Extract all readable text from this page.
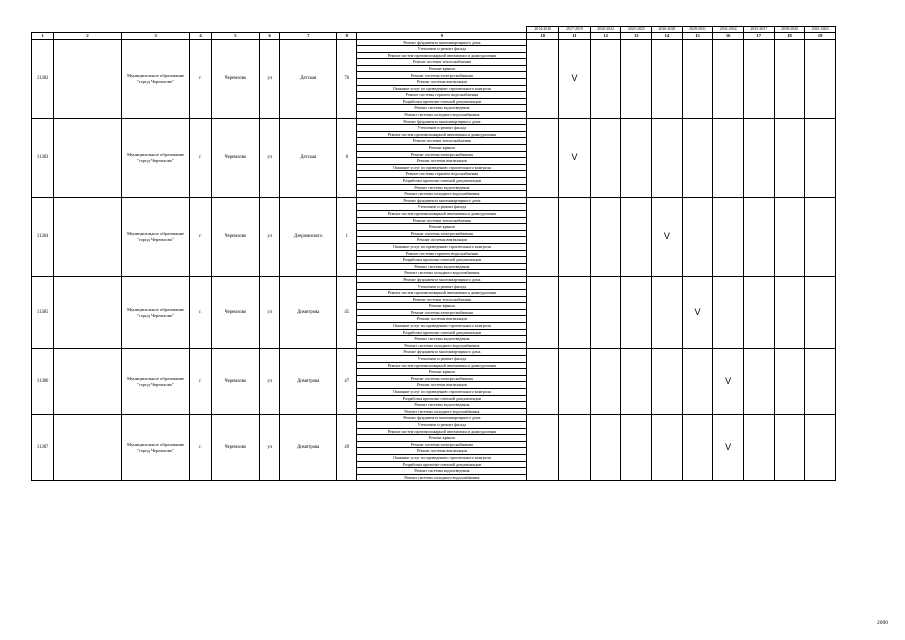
									2014-2016	2017-2019	2020-2022	2023-2025	2026-2028	2029-2031	2032-2034	2035-2037	2038-2040	2041-2043
1	2	3	4	5	6	7	8	9	10	11	12	13	14	15	16	17	18	19
11382		Муниципальное образование "город Черемхово"	г.	Черемхово	ул	Детская	76	Ремонт фундамента многоквартирного дома		V								
								Утепление и ремонт фасада										
								Ремонт систем противопожарной автоматики и дымоудаления										
								Ремонт системы теплоснабжения										
								Ремонт крыши										
								Ремонт системы электроснабжения										
								Ремонт системы вентиляции										
								Оказание услуг по проведению строительного контроля										
								Ремонт системы горячего водоснабжения										
								Разработка проектно-сметной документации										
								Ремонт системы водоотведения										
								Ремонт системы холодного водоснабжения										
11383		Муниципальное образование "город Черемхово"	г.	Черемхово	ул	Детская	8	Ремонт фундамента многоквартирного дома		V								
								Утепление и ремонт фасада										
								Ремонт систем противопожарной автоматики и дымоудаления										
								Ремонт системы теплоснабжения										
								Ремонт крыши										
								Ремонт системы электроснабжения										
								Ремонт системы вентиляции										
								Оказание услуг по проведению строительного контроля										
								Ремонт системы горячего водоснабжения										
								Разработка проектно-сметной документации										
								Ремонт системы водоотведения										
								Ремонт системы холодного водоснабжения										
11384		Муниципальное образование "город Черемхово"	г.	Черемхово	ул	Дзержинского	1	Ремонт фундамента многоквартирного дома					V					
								Утепление и ремонт фасада										
								Ремонт систем противопожарной автоматики и дымоудаления										
								Ремонт системы теплоснабжения										
								Ремонт крыши										
								Ремонт системы электроснабжения										
								Ремонт системы вентиляции										
								Оказание услуг по проведению строительного контроля										
								Ремонт системы горячего водоснабжения										
								Разработка проектно-сметной документации										
								Ремонт системы водоотведения										
								Ремонт системы холодного водоснабжения										
11385		Муниципальное образование "город Черемхово"	г.	Черемхово	ул	Димитрова	45	Ремонт фундамента многоквартирного дома						V				
								Утепление и ремонт фасада										
								Ремонт систем противопожарной автоматики и дымоудаления										
								Ремонт системы теплоснабжения										
								Ремонт крыши										
								Ремонт системы электроснабжения										
								Ремонт системы вентиляции										
								Оказание услуг по проведению строительного контроля										
								Разработка проектно-сметной документации										
								Ремонт системы водоотведения										
								Ремонт системы холодного водоснабжения										
11386		Муниципальное образование "город Черемхово"	г.	Черемхово	ул	Димитрова	47	Ремонт фундамента многоквартирного дома							V			
								Утепление и ремонт фасада										
								Ремонт систем противопожарной автоматики и дымоудаления										
								Ремонт крыши										
								Ремонт системы электроснабжения										
								Ремонт системы вентиляции										
								Оказание услуг по проведению строительного контроля										
								Разработка проектно-сметной документации										
								Ремонт системы водоотведения										
								Ремонт системы холодного водоснабжения										
11387		Муниципальное образование "город Черемхово"	г.	Черемхово	ул	Димитрова	49	Ремонт фундамента многоквартирного дома							V			
								Утепление и ремонт фасада										
								Ремонт систем противопожарной автоматики и дымоудаления										
								Ремонт крыши										
								Ремонт системы электроснабжения										
								Ремонт системы вентиляции										
								Оказание услуг по проведению строительного контроля										
								Разработка проектно-сметной документации										
								Ремонт системы водоотведения										
								Ремонт системы холодного водоснабжения										
2090
